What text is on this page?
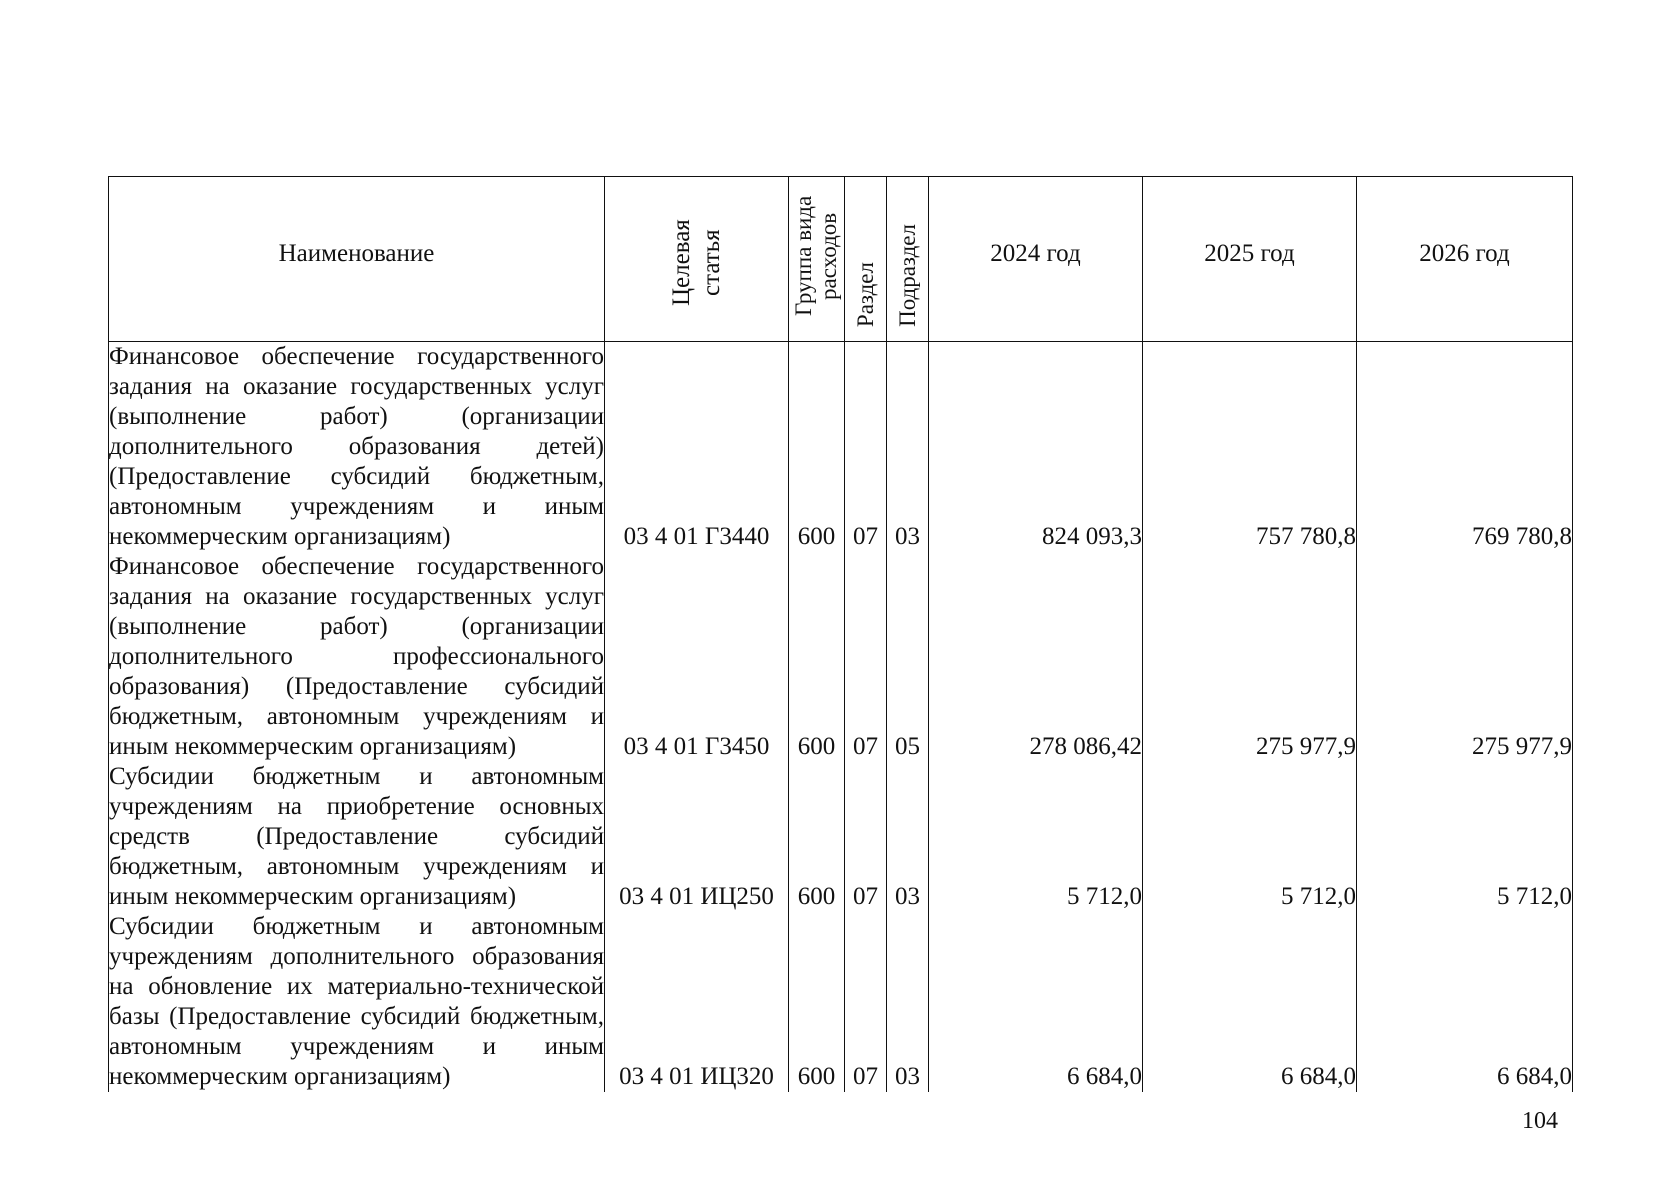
Наименование	Целевая статья	Группа вида расходов	Раздел	Подраздел	2024 год	2025 год	2026 год
Финансовое обеспечение государственного задания на оказание государственных услуг (выполнение работ) (организации дополнительного образования детей) (Предоставление субсидий бюджетным, автономным учреждениям и иным некоммерческим организациям)	03 4 01 Г3440	600	07	03	824 093,3	757 780,8	769 780,8
Финансовое обеспечение государственного задания на оказание государственных услуг (выполнение работ) (организации дополнительного профессионального образования) (Предоставление субсидий бюджетным, автономным учреждениям и иным некоммерческим организациям)	03 4 01 Г3450	600	07	05	278 086,42	275 977,9	275 977,9
Субсидии бюджетным и автономным учреждениям на приобретение основных средств (Предоставление субсидий бюджетным, автономным учреждениям и иным некоммерческим организациям)	03 4 01 ИЦ250	600	07	03	5 712,0	5 712,0	5 712,0
Субсидии бюджетным и автономным учреждениям дополнительного образования на обновление их материально-технической базы (Предоставление субсидий бюджетным, автономным учреждениям и иным некоммерческим организациям)	03 4 01 ИЦ320	600	07	03	6 684,0	6 684,0	6 684,0
104
